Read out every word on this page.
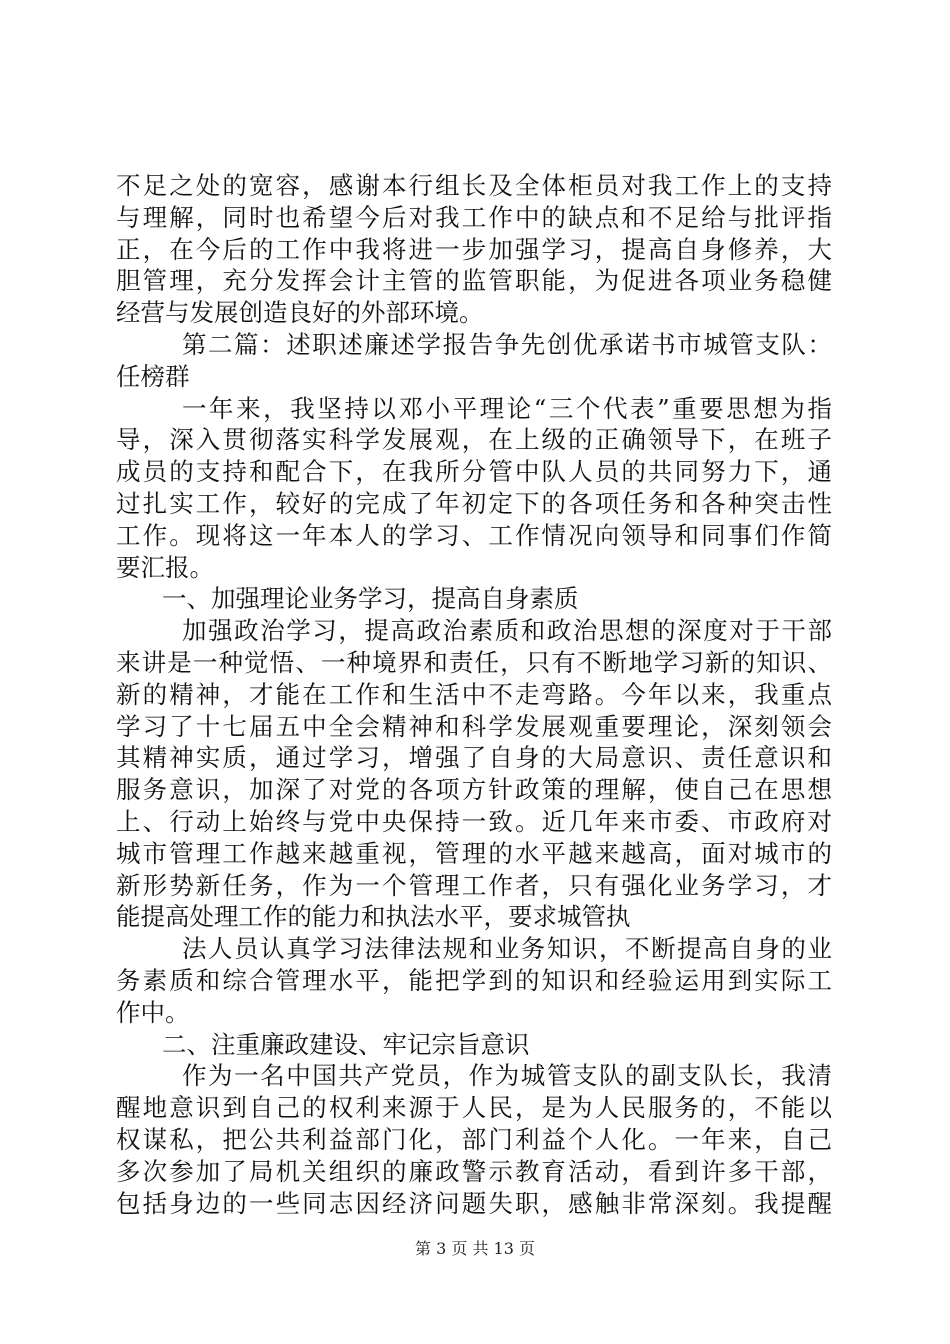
不足之处的宽容，感谢本行组长及全体柜员对我工作上的支持
与理解，同时也希望今后对我工作中的缺点和不足给与批评指
正，在今后的工作中我将进一步加强学习，提高自身修养，大
胆管理，充分发挥会计主管的监管职能，为促进各项业务稳健
经营与发展创造良好的外部环境。
第二篇：述职述廉述学报告争先创优承诺书市城管支队：
任榜群
一年来，我坚持以邓小平理论“三个代表”重要思想为指
导，深入贯彻落实科学发展观，在上级的正确领导下，在班子
成员的支持和配合下，在我所分管中队人员的共同努力下，通
过扎实工作，较好的完成了年初定下的各项任务和各种突击性
工作。现将这一年本人的学习、工作情况向领导和同事们作简
要汇报。
一、加强理论业务学习，提高自身素质
加强政治学习，提高政治素质和政治思想的深度对于干部
来讲是一种觉悟、一种境界和责任，只有不断地学习新的知识、
新的精神，才能在工作和生活中不走弯路。今年以来，我重点
学习了十七届五中全会精神和科学发展观重要理论，深刻领会
其精神实质，通过学习，增强了自身的大局意识、责任意识和
服务意识，加深了对党的各项方针政策的理解，使自己在思想
上、行动上始终与党中央保持一致。近几年来市委、市政府对
城市管理工作越来越重视，管理的水平越来越高，面对城市的
新形势新任务，作为一个管理工作者，只有强化业务学习，才
能提高处理工作的能力和执法水平，要求城管执
法人员认真学习法律法规和业务知识，不断提高自身的业
务素质和综合管理水平，能把学到的知识和经验运用到实际工
作中。
二、注重廉政建设、牢记宗旨意识
作为一名中国共产党员，作为城管支队的副支队长，我清
醒地意识到自己的权利来源于人民，是为人民服务的，不能以
权谋私，把公共利益部门化，部门利益个人化。一年来，自己
多次参加了局机关组织的廉政警示教育活动，看到许多干部，
包括身边的一些同志因经济问题失职，感触非常深刻。我提醒
第 3 页 共 13 页
